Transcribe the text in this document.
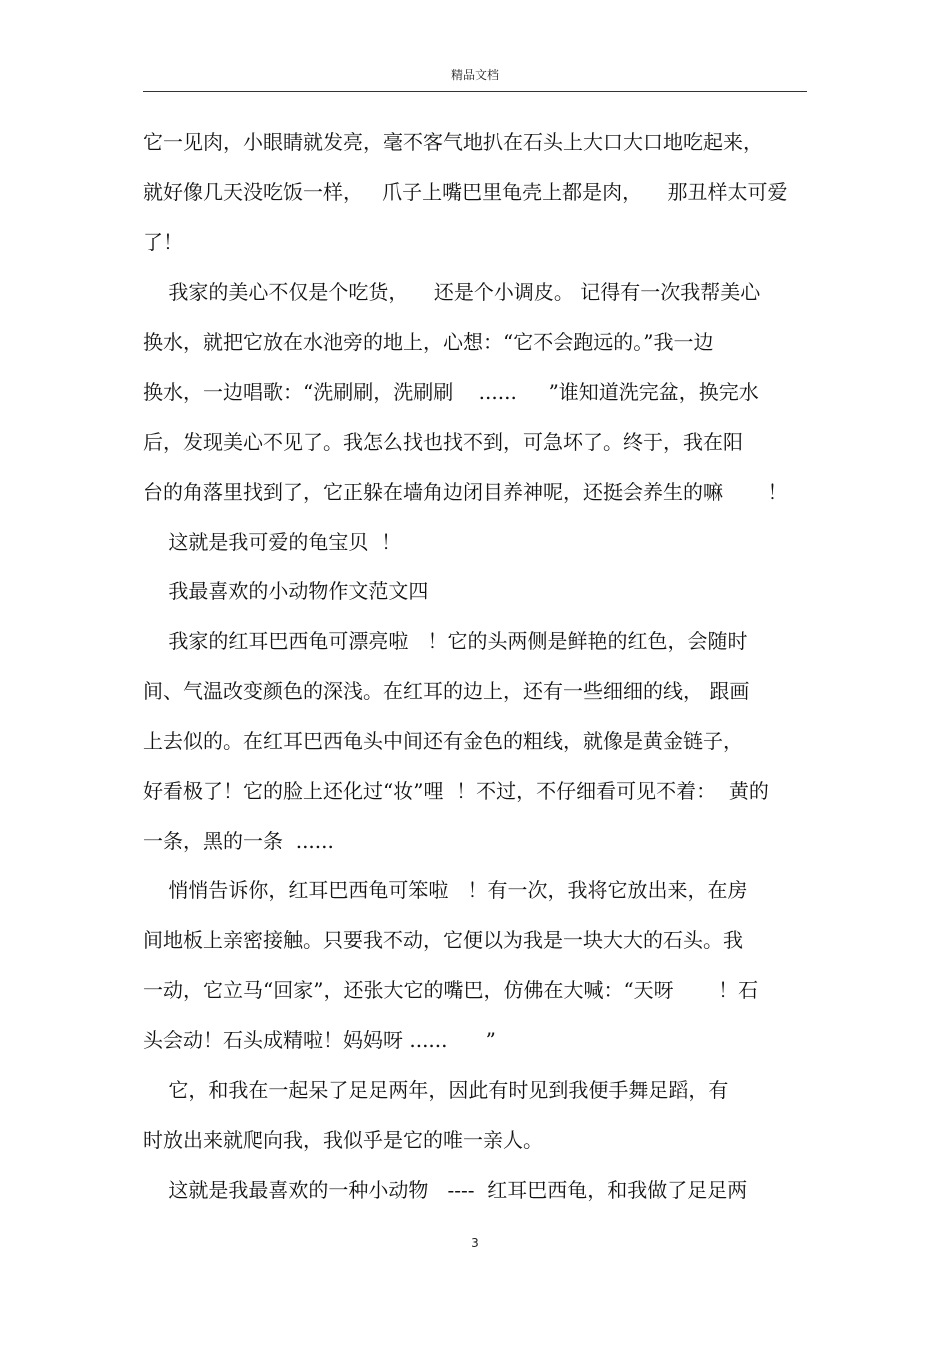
精品文档
它一见肉，小眼睛就发亮，毫不客气地扒在石头上大口大口地吃起来，
就好像几天没吃饭一样，   爪子上嘴巴里龟壳上都是肉，    那丑样太可爱
了！
我家的美心不仅是个吃货，    还是个小调皮。 记得有一次我帮美心
换水，就把它放在水池旁的地上，心想：“它不会跑远的。”我一边
换水，一边唱歌：“洗刷刷，洗刷刷    ......     ”谁知道洗完盆，换完水
后，发现美心不见了。我怎么找也找不到，可急坏了。终于，我在阳
台的角落里找到了，它正躲在墙角边闭目养神呢，还挺会养生的嘛       ！
这就是我可爱的龟宝贝  ！
我最喜欢的小动物作文范文四
我家的红耳巴西龟可漂亮啦   ！它的头两侧是鲜艳的红色，会随时
间、气温改变颜色的深浅。在红耳的边上，还有一些细细的线， 跟画
上去似的。在红耳巴西龟头中间还有金色的粗线，就像是黄金链子，
好看极了！它的脸上还化过“妆”哩  ！不过，不仔细看可见不着：  黄的
一条，黑的一条  ......
悄悄告诉你，红耳巴西龟可笨啦   ！有一次，我将它放出来，在房
间地板上亲密接触。只要我不动，它便以为我是一块大大的石头。我
一动，它立马“回家”，还张大它的嘴巴，仿佛在大喊：“天呀       ！石
头会动！石头成精啦！妈妈呀 ......      ”
它，和我在一起呆了足足两年，因此有时见到我便手舞足蹈，有
时放出来就爬向我，我似乎是它的唯一亲人。
这就是我最喜欢的一种小动物   ----  红耳巴西龟，和我做了足足两
3
